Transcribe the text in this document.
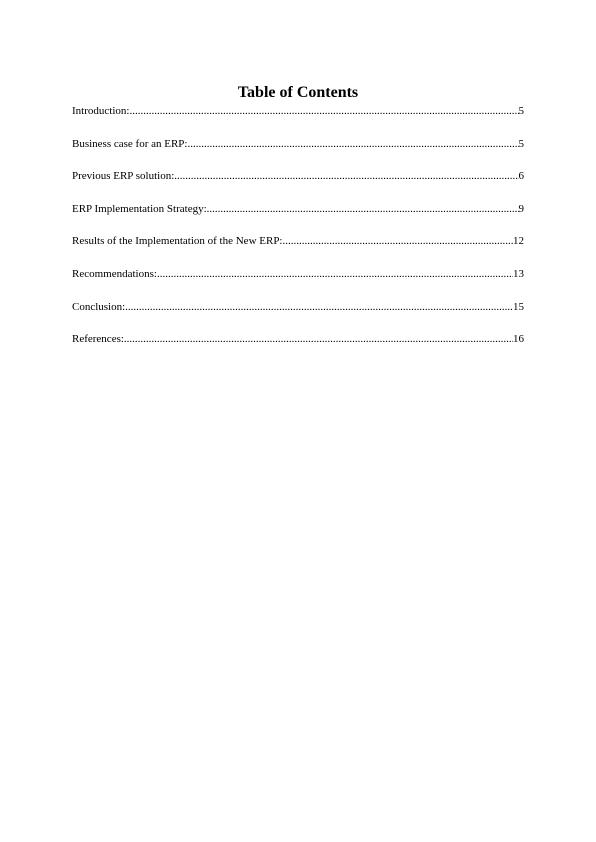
Table of Contents
Introduction: .....	5
Business case for an ERP: .....	5
Previous ERP solution: .....	6
ERP Implementation Strategy: .....	9
Results of the Implementation of the New ERP: .....	12
Recommendations: .....	13
Conclusion: .....	15
References: .....	16
